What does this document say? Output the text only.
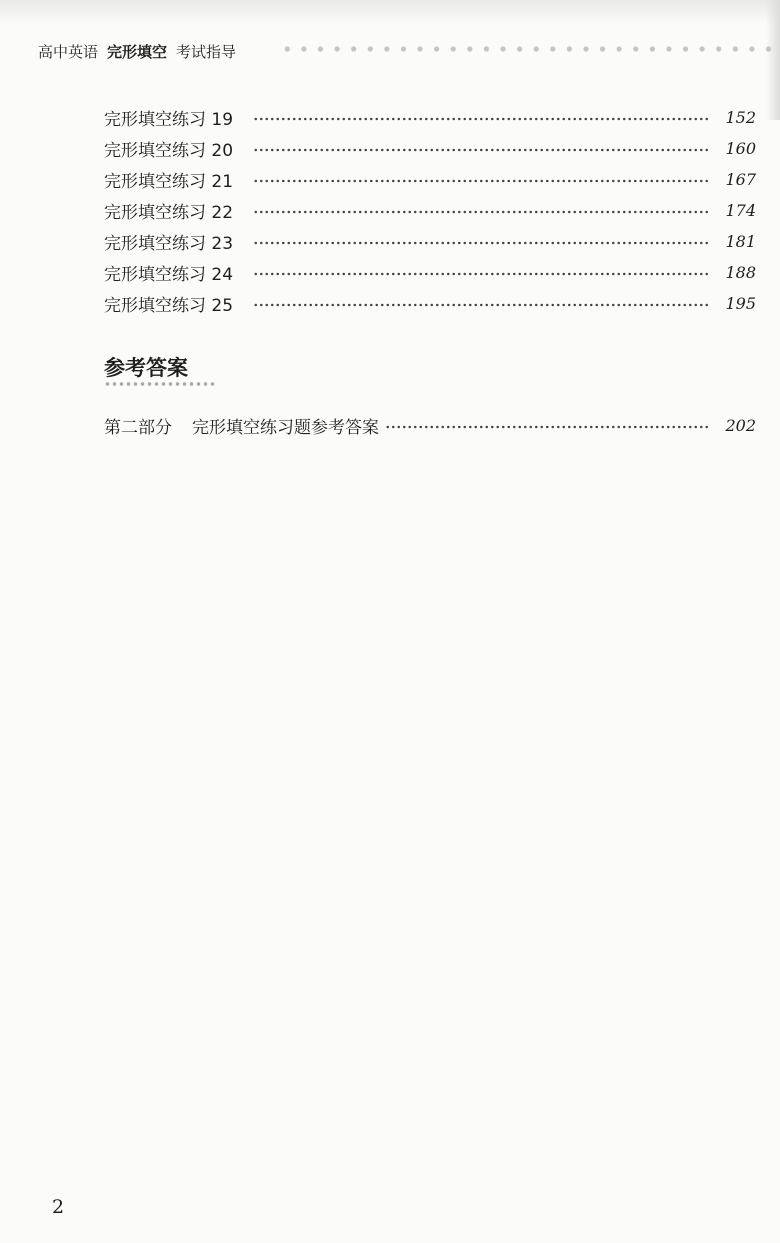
高中英语 完形填空 考试指导
完形填空练习 19	152
完形填空练习 20	160
完形填空练习 21	167
完形填空练习 22	174
完形填空练习 23	181
完形填空练习 24	188
完形填空练习 25	195
参考答案
第二部分 完形填空练习题参考答案	202
2
